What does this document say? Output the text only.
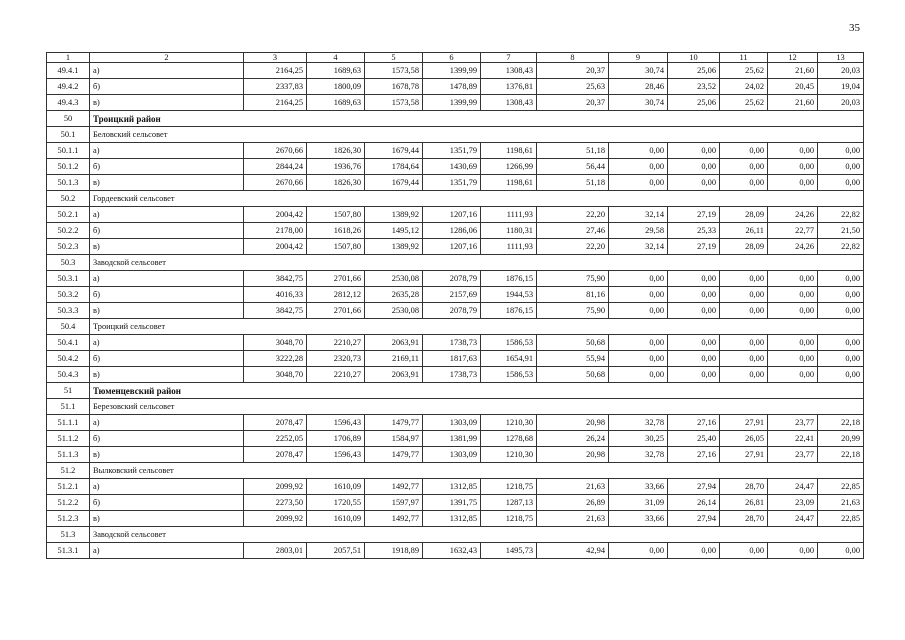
35
1	2	3	4	5	6	7	8	9	10	11	12	13
49.4.1	а)	2164,25	1689,63	1573,58	1399,99	1308,43	20,37	30,74	25,06	25,62	21,60	20,03
49.4.2	б)	2337,83	1800,09	1678,78	1478,89	1376,81	25,63	28,46	23,52	24,02	20,45	19,04
49.4.3	в)	2164,25	1689,63	1573,58	1399,99	1308,43	20,37	30,74	25,06	25,62	21,60	20,03
50	Троицкий район											
50.1	Беловский сельсовет											
50.1.1	а)	2670,66	1826,30	1679,44	1351,79	1198,61	51,18	0,00	0,00	0,00	0,00	0,00
50.1.2	б)	2844,24	1936,76	1784,64	1430,69	1266,99	56,44	0,00	0,00	0,00	0,00	0,00
50.1.3	в)	2670,66	1826,30	1679,44	1351,79	1198,61	51,18	0,00	0,00	0,00	0,00	0,00
50.2	Гордеевский сельсовет											
50.2.1	а)	2004,42	1507,80	1389,92	1207,16	1111,93	22,20	32,14	27,19	28,09	24,26	22,82
50.2.2	б)	2178,00	1618,26	1495,12	1286,06	1180,31	27,46	29,58	25,33	26,11	22,77	21,50
50.2.3	в)	2004,42	1507,80	1389,92	1207,16	1111,93	22,20	32,14	27,19	28,09	24,26	22,82
50.3	Заводской сельсовет											
50.3.1	а)	3842,75	2701,66	2530,08	2078,79	1876,15	75,90	0,00	0,00	0,00	0,00	0,00
50.3.2	б)	4016,33	2812,12	2635,28	2157,69	1944,53	81,16	0,00	0,00	0,00	0,00	0,00
50.3.3	в)	3842,75	2701,66	2530,08	2078,79	1876,15	75,90	0,00	0,00	0,00	0,00	0,00
50.4	Троицкий сельсовет											
50.4.1	а)	3048,70	2210,27	2063,91	1738,73	1586,53	50,68	0,00	0,00	0,00	0,00	0,00
50.4.2	б)	3222,28	2320,73	2169,11	1817,63	1654,91	55,94	0,00	0,00	0,00	0,00	0,00
50.4.3	в)	3048,70	2210,27	2063,91	1738,73	1586,53	50,68	0,00	0,00	0,00	0,00	0,00
51	Тюменцевский район											
51.1	Березовский сельсовет											
51.1.1	а)	2078,47	1596,43	1479,77	1303,09	1210,30	20,98	32,78	27,16	27,91	23,77	22,18
51.1.2	б)	2252,05	1706,89	1584,97	1381,99	1278,68	26,24	30,25	25,40	26,05	22,41	20,99
51.1.3	в)	2078,47	1596,43	1479,77	1303,09	1210,30	20,98	32,78	27,16	27,91	23,77	22,18
51.2	Вылковский сельсовет											
51.2.1	а)	2099,92	1610,09	1492,77	1312,85	1218,75	21,63	33,66	27,94	28,70	24,47	22,85
51.2.2	б)	2273,50	1720,55	1597,97	1391,75	1287,13	26,89	31,09	26,14	26,81	23,09	21,63
51.2.3	в)	2099,92	1610,09	1492,77	1312,85	1218,75	21,63	33,66	27,94	28,70	24,47	22,85
51.3	Заводской сельсовет											
51.3.1	а)	2803,01	2057,51	1918,89	1632,43	1495,73	42,94	0,00	0,00	0,00	0,00	0,00
